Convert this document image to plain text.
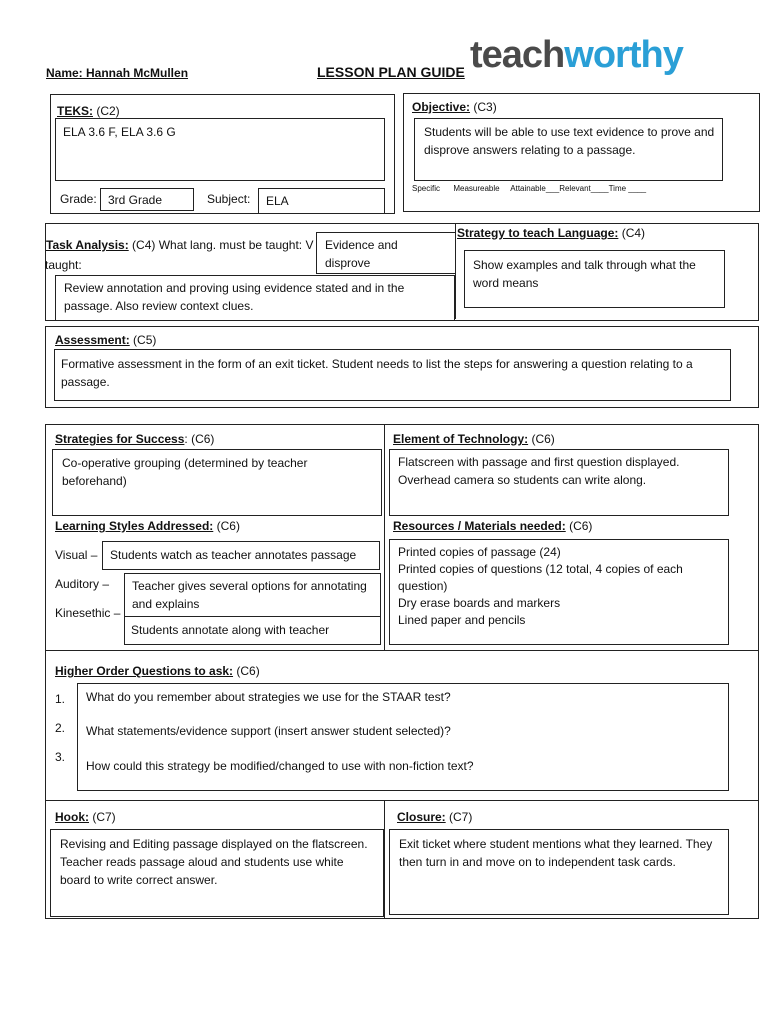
Name: Hannah McMullen	LESSON PLAN GUIDE teachworthy
TEKS: (C2)
ELA 3.6 F, ELA 3.6 G
Grade: 3rd Grade	Subject: ELA
Objective: (C3)
Students will be able to use text evidence to prove and disprove answers relating to a passage.
Specific      Measureable     Attainable___Relevant____Time ____
Task Analysis: (C4) What lang. must be taught: V Evidence and disprove
Review annotation and proving using evidence stated and in the passage. Also review context clues.
taught:
Strategy to teach Language: (C4)
Show examples and talk through what the word means
Assessment: (C5)
Formative assessment in the form of an exit ticket. Student needs to list the steps for answering a question relating to a passage.
Strategies for Success: (C6)
Co-operative grouping (determined by teacher beforehand)
Learning Styles Addressed: (C6)
Visual – Students watch as teacher annotates passage
Auditory –
Kinesethic –
Teacher gives several options for annotating and explains
Students annotate along with teacher
Element of Technology: (C6)
Flatscreen with passage and first question displayed. Overhead camera so students can write along.
Resources / Materials needed: (C6)
Printed copies of passage (24)
Printed copies of questions (12 total, 4 copies of each question)
Dry erase boards and markers
Lined paper and pencils
Higher Order Questions to ask: (C6)
1.
2.
3.
What do you remember about strategies we use for the STAAR test?
What statements/evidence support (insert answer student selected)?
How could this strategy be modified/changed to use with non-fiction text?
Hook: (C7)
Revising and Editing passage displayed on the flatscreen. Teacher reads passage aloud and students use white board to write correct answer.
Closure: (C7)
Exit ticket where student mentions what they learned. They then turn in and move on to independent task cards.
